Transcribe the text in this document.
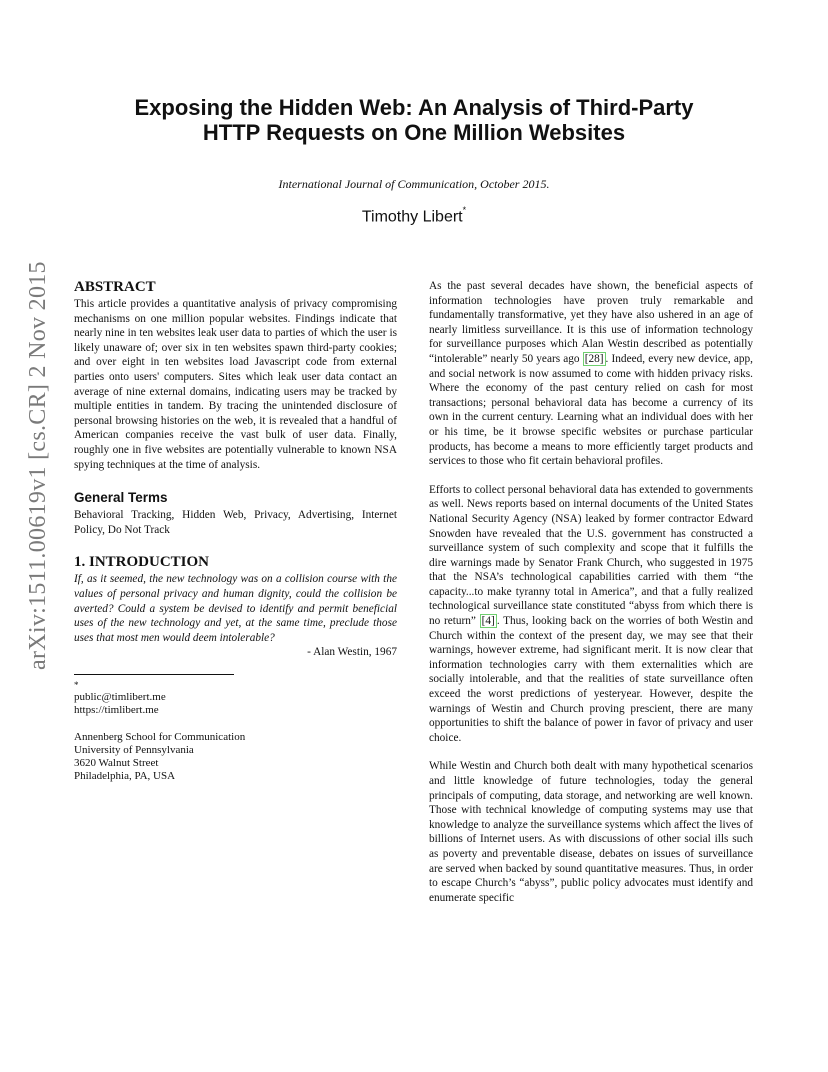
arXiv:1511.00619v1 [cs.CR] 2 Nov 2015
Exposing the Hidden Web: An Analysis of Third-Party
HTTP Requests on One Million Websites
International Journal of Communication, October 2015.
Timothy Libert*
ABSTRACT

This article provides a quantitative analysis of privacy compromising mechanisms on one million popular websites. Findings indicate that nearly nine in ten websites leak user data to parties of which the user is likely unaware of; over six in ten websites spawn third-party cookies; and over eight in ten websites load Javascript code from external parties onto users' computers. Sites which leak user data contact an average of nine external domains, indicating users may be tracked by multiple entities in tandem. By tracing the unintended disclosure of personal browsing histories on the web, it is revealed that a handful of American companies receive the vast bulk of user data. Finally, roughly one in five websites are potentially vulnerable to known NSA spying techniques at the time of analysis.

General Terms

Behavioral Tracking, Hidden Web, Privacy, Advertising, Internet Policy, Do Not Track

1. INTRODUCTION

If, as it seemed, the new technology was on a collision course with the values of personal privacy and human dignity, could the collision be averted? Could a system be devised to identify and permit beneficial uses of the new technology and yet, at the same time, preclude those uses that most men would deem intolerable?

- Alan Westin, 1967

*
public@timlibert.me
https://timlibert.me
Annenberg School for Communication
University of Pennsylvania
3620 Walnut Street
Philadelphia, PA, USA

As the past several decades have shown, the beneficial aspects of information technologies have proven truly remarkable and fundamentally transformative, yet they have also ushered in an age of nearly limitless surveillance. It is this use of information technology for surveillance purposes which Alan Westin described as potentially “intolerable” nearly 50 years ago [28] . Indeed, every new device, app, and social network is now assumed to come with hidden privacy risks. Where the economy of the past century relied on cash for most transactions; personal behavioral data has become a currency of its own in the current century. Learning what an individual does with her or his time, be it browse specific websites or purchase particular products, has become a means to more efficiently target products and services to those who fit certain behavioral profiles.

Efforts to collect personal behavioral data has extended to governments as well. News reports based on internal documents of the United States National Security Agency (NSA) leaked by former contractor Edward Snowden have revealed that the U.S. government has constructed a surveillance system of such complexity and scope that it fulfills the dire warnings made by Senator Frank Church, who suggested in 1975 that the NSA’s technological capabilities carried with them “the capacity...to make tyranny total in America”, and that a fully realized technological surveillance state constituted “abyss from which there is no return” [4] . Thus, looking back on the worries of both Westin and Church within the context of the present day, we may see that their warnings, however extreme, had significant merit. It is now clear that information technologies carry with them externalities which are socially intolerable, and that the realities of state surveillance often exceed the worst predictions of yesteryear. However, despite the warnings of Westin and Church proving prescient, there are many opportunities to shift the balance of power in favor of privacy and user choice.

While Westin and Church both dealt with many hypothetical scenarios and little knowledge of future technologies, today the general principals of computing, data storage, and networking are well known. Those with technical knowledge of computing systems may use that knowledge to analyze the surveillance systems which affect the lives of billions of Internet users. As with discussions of other social ills such as poverty and preventable disease, debates on issues of surveillance are served when backed by sound quantitative measures. Thus, in order to escape Church’s “abyss”, public policy advocates must identify and enumerate specific
